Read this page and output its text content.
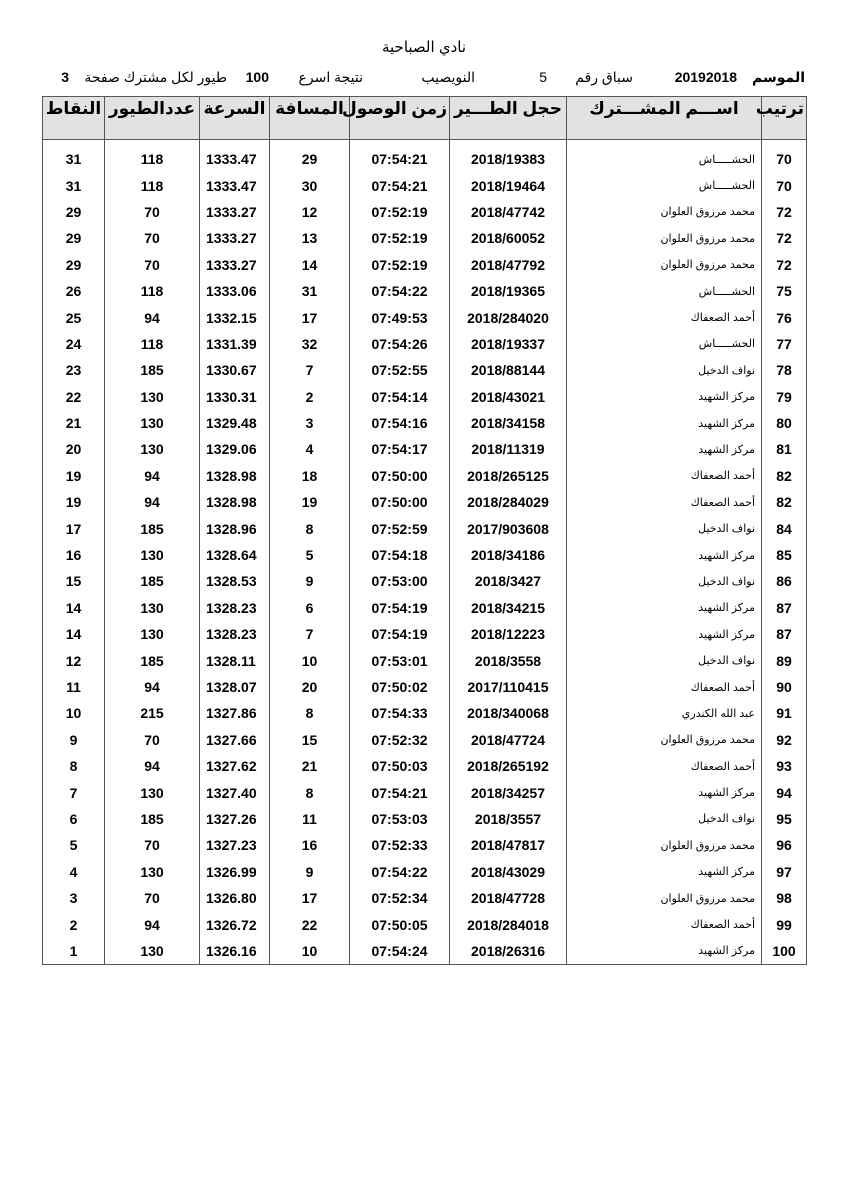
نادي الصباحية
الموسم
20192018
سباق رقم
5
النويصيب
نتيجة اسرع
100
طيور لكل مشترك صفحة
3
ترتيب	اســـم المشـــترك	حجل الطـــير	زمن الوصول	المسافة	السرعة	عددالطيور	النقاط

70	الحشـــــاش	2018/19383	07:54:21	29	1333.47	118	31
70	الحشـــــاش	2018/19464	07:54:21	30	1333.47	118	31
72	محمد مرزوق العلوان	2018/47742	07:52:19	12	1333.27	70	29
72	محمد مرزوق العلوان	2018/60052	07:52:19	13	1333.27	70	29
72	محمد مرزوق العلوان	2018/47792	07:52:19	14	1333.27	70	29
75	الحشـــــاش	2018/19365	07:54:22	31	1333.06	118	26
76	أحمد الصعفاك	2018/284020	07:49:53	17	1332.15	94	25
77	الحشـــــاش	2018/19337	07:54:26	32	1331.39	118	24
78	نواف الدخيل	2018/88144	07:52:55	7	1330.67	185	23
79	مركز الشهيد	2018/43021	07:54:14	2	1330.31	130	22
80	مركز الشهيد	2018/34158	07:54:16	3	1329.48	130	21
81	مركز الشهيد	2018/11319	07:54:17	4	1329.06	130	20
82	أحمد الصعفاك	2018/265125	07:50:00	18	1328.98	94	19
82	أحمد الصعفاك	2018/284029	07:50:00	19	1328.98	94	19
84	نواف الدخيل	2017/903608	07:52:59	8	1328.96	185	17
85	مركز الشهيد	2018/34186	07:54:18	5	1328.64	130	16
86	نواف الدخيل	2018/3427	07:53:00	9	1328.53	185	15
87	مركز الشهيد	2018/34215	07:54:19	6	1328.23	130	14
87	مركز الشهيد	2018/12223	07:54:19	7	1328.23	130	14
89	نواف الدخيل	2018/3558	07:53:01	10	1328.11	185	12
90	أحمد الصعفاك	2017/110415	07:50:02	20	1328.07	94	11
91	عبد الله الكندري	2018/340068	07:54:33	8	1327.86	215	10
92	محمد مرزوق العلوان	2018/47724	07:52:32	15	1327.66	70	9
93	أحمد الصعفاك	2018/265192	07:50:03	21	1327.62	94	8
94	مركز الشهيد	2018/34257	07:54:21	8	1327.40	130	7
95	نواف الدخيل	2018/3557	07:53:03	11	1327.26	185	6
96	محمد مرزوق العلوان	2018/47817	07:52:33	16	1327.23	70	5
97	مركز الشهيد	2018/43029	07:54:22	9	1326.99	130	4
98	محمد مرزوق العلوان	2018/47728	07:52:34	17	1326.80	70	3
99	أحمد الصعفاك	2018/284018	07:50:05	22	1326.72	94	2
100	مركز الشهيد	2018/26316	07:54:24	10	1326.16	130	1
